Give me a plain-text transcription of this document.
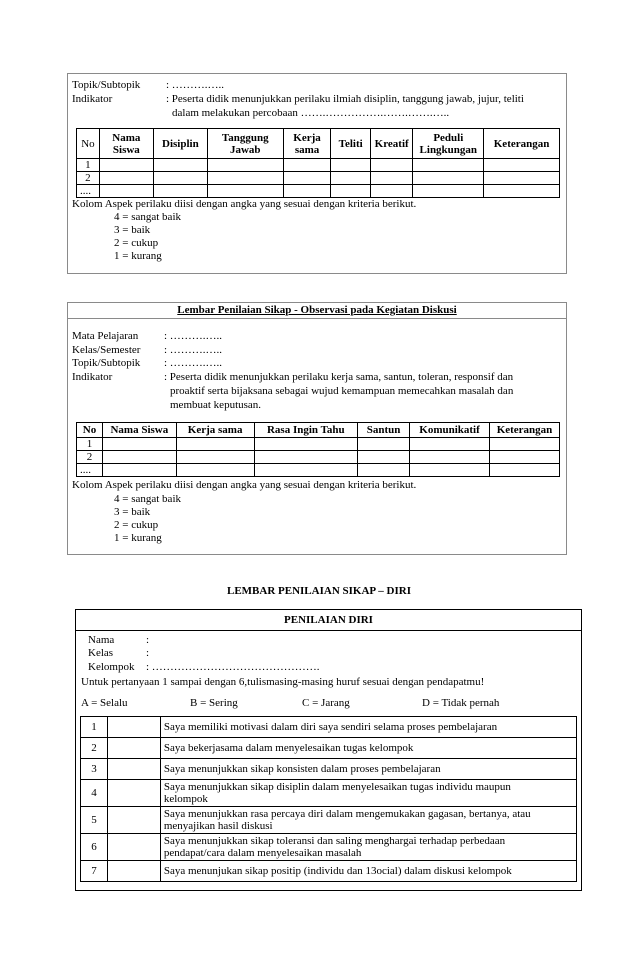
Topik/Subtopik : ……….…..
Indikator	: Peserta didik menunjukkan perilaku ilmiah disiplin, tanggung jawab, jujur, teliti
dalam melakukan percobaan …….…………….…….…….…..
No	Nama Siswa	Disiplin	Tanggung Jawab	Kerja sama	Teliti	Kreatif	Peduli Lingkungan	Keterangan
1								
2								
....								
Kolom Aspek perilaku diisi dengan angka yang sesuai dengan kriteria berikut.
4 = sangat baik
3 = baik
2 = cukup
1 = kurang
Lembar Penilaian Sikap - Observasi pada Kegiatan Diskusi
Mata Pelajaran : ……….…..
Kelas/Semester : ……….…..
Topik/Subtopik : ……….…..
Indikator	: Peserta didik menunjukkan perilaku kerja sama, santun, toleran, responsif dan
proaktif serta bijaksana sebagai wujud kemampuan memecahkan masalah dan
membuat keputusan.
No	Nama Siswa	Kerja sama	Rasa Ingin Tahu	Santun	Komunikatif	Keterangan
1						
2						
....						
Kolom Aspek perilaku diisi dengan angka yang sesuai dengan kriteria berikut.
4 = sangat baik
3 = baik
2 = cukup
1 = kurang
LEMBAR PENILAIAN SIKAP – DIRI
PENILAIAN DIRI
Nama	:
Kelas	:
Kelompok : ……………………………………….
Untuk pertanyaan 1 sampai dengan 6,tulismasing-masing huruf sesuai dengan pendapatmu!
A = Selalu	B = Sering	C = Jarang	D = Tidak pernah
1		Saya memiliki motivasi dalam diri saya sendiri selama proses pembelajaran
2		Saya bekerjasama dalam menyelesaikan tugas kelompok
3		Saya menunjukkan sikap konsisten dalam proses pembelajaran
4		Saya menunjukkan sikap disiplin dalam menyelesaikan tugas individu maupun
kelompok
5		Saya menunjukkan rasa percaya diri dalam mengemukakan gagasan, bertanya, atau
menyajikan hasil diskusi
6		Saya menunjukkan sikap toleransi dan saling menghargai terhadap perbedaan
pendapat/cara dalam menyelesaikan masalah
7		Saya menunjukan sikap positip (individu dan 13ocial) dalam diskusi kelompok
